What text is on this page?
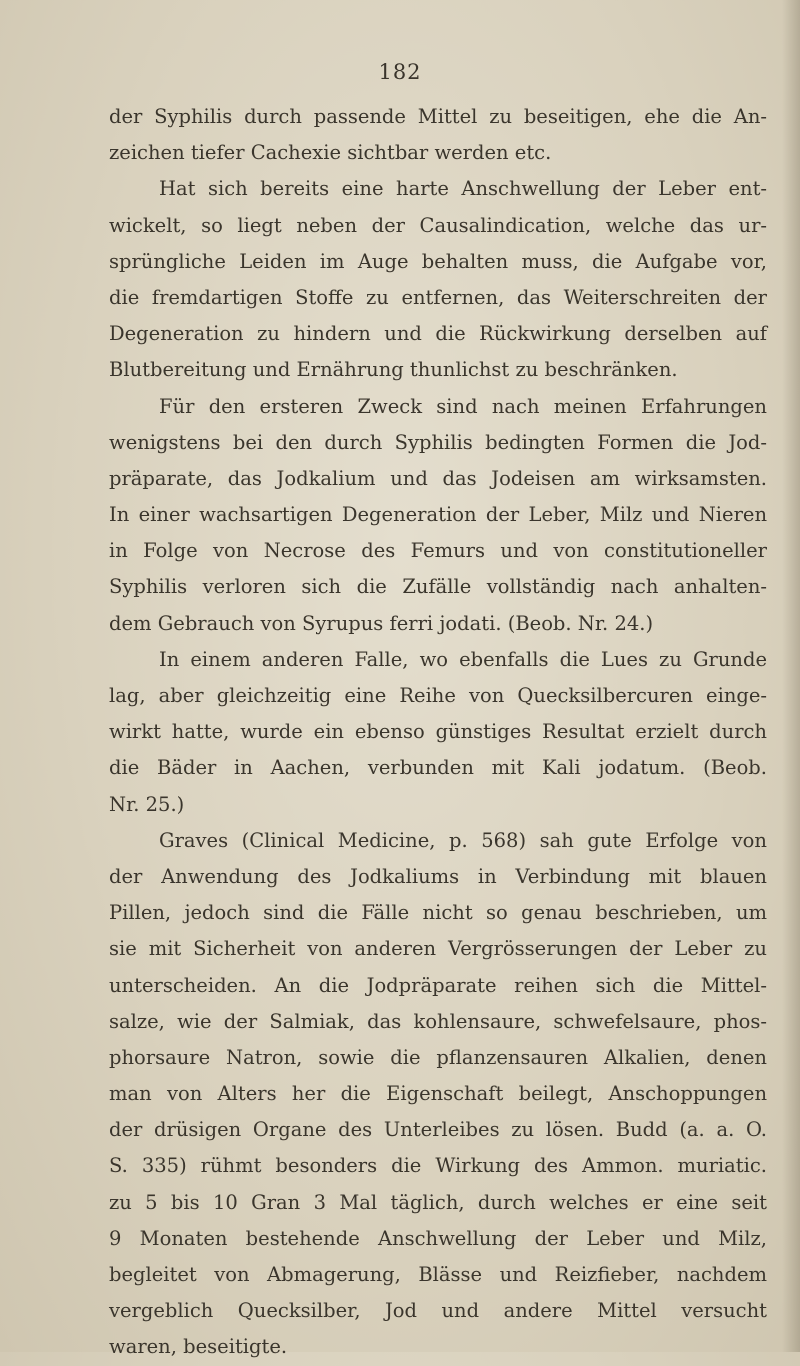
182
der Syphilis durch passende Mittel zu beseitigen, ehe die An-
zeichen tiefer Cachexie sichtbar werden etc.
Hat sich bereits eine harte Anschwellung der Leber ent-
wickelt, so liegt neben der Causalindication, welche das ur-
sprüngliche Leiden im Auge behalten muss, die Aufgabe vor,
die fremdartigen Stoffe zu entfernen, das Weiterschreiten der
Degeneration zu hindern und die Rückwirkung derselben auf
Blutbereitung und Ernährung thunlichst zu beschränken.
Für den ersteren Zweck sind nach meinen Erfahrungen
wenigstens bei den durch Syphilis bedingten Formen die Jod-
präparate, das Jodkalium und das Jodeisen am wirksamsten.
In einer wachsartigen Degeneration der Leber, Milz und Nieren
in Folge von Necrose des Femurs und von constitutioneller
Syphilis verloren sich die Zufälle vollständig nach anhalten-
dem Gebrauch von Syrupus ferri jodati. (Beob. Nr. 24.)
In einem anderen Falle, wo ebenfalls die Lues zu Grunde
lag, aber gleichzeitig eine Reihe von Quecksilbercuren einge-
wirkt hatte, wurde ein ebenso günstiges Resultat erzielt durch
die Bäder in Aachen, verbunden mit Kali jodatum. (Beob.
Nr. 25.)
Graves (Clinical Medicine, p. 568) sah gute Erfolge von
der Anwendung des Jodkaliums in Verbindung mit blauen
Pillen, jedoch sind die Fälle nicht so genau beschrieben, um
sie mit Sicherheit von anderen Vergrösserungen der Leber zu
unterscheiden. An die Jodpräparate reihen sich die Mittel-
salze, wie der Salmiak, das kohlensaure, schwefelsaure, phos-
phorsaure Natron, sowie die pflanzensauren Alkalien, denen
man von Alters her die Eigenschaft beilegt, Anschoppungen
der drüsigen Organe des Unterleibes zu lösen. Budd (a. a. O.
S. 335) rühmt besonders die Wirkung des Ammon. muriatic.
zu 5 bis 10 Gran 3 Mal täglich, durch welches er eine seit
9 Monaten bestehende Anschwellung der Leber und Milz,
begleitet von Abmagerung, Blässe und Reizfieber, nachdem
vergeblich Quecksilber, Jod und andere Mittel versucht
waren, beseitigte.
